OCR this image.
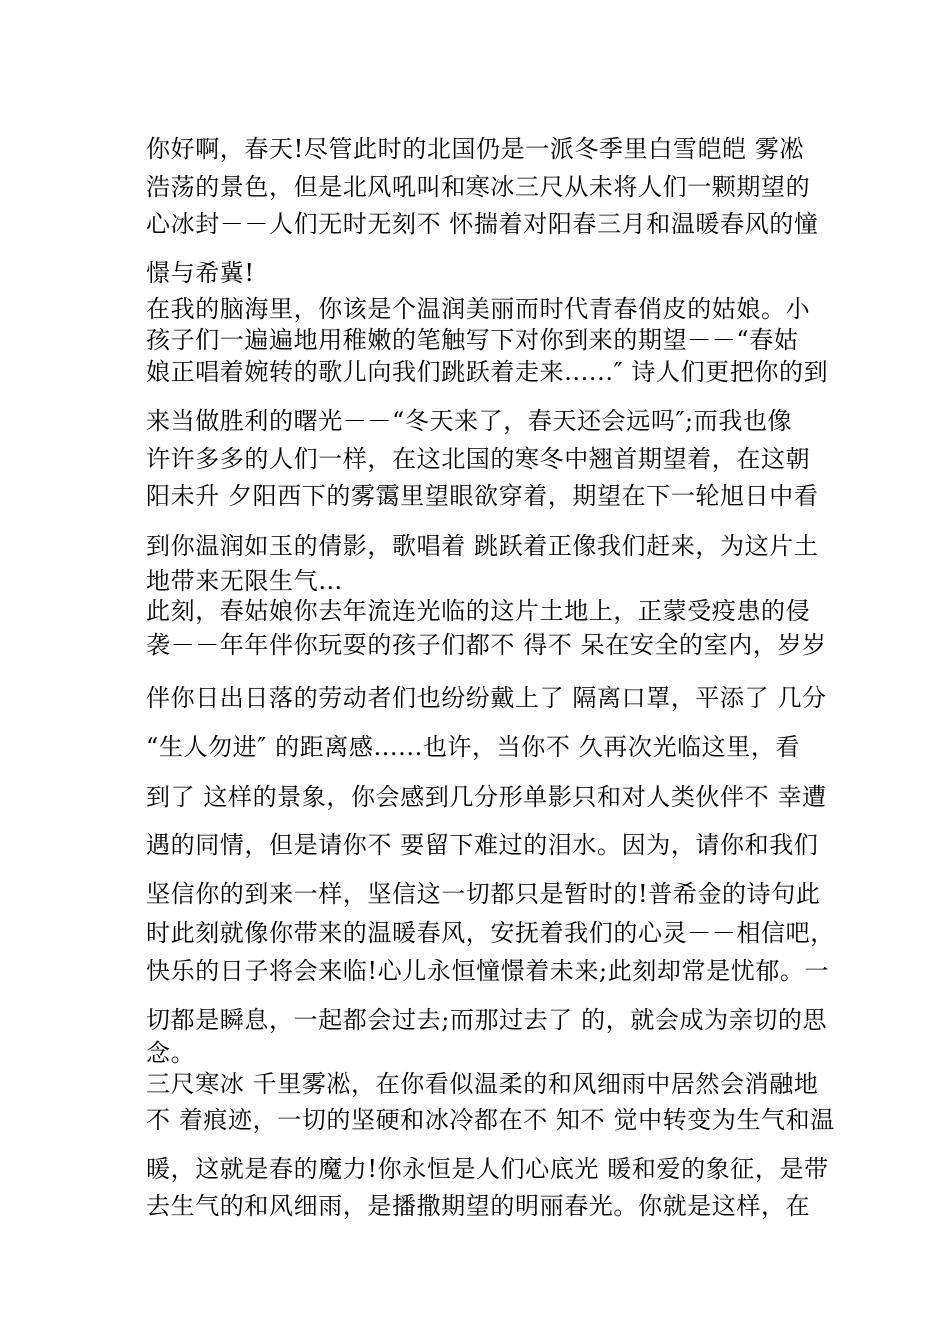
你好啊，春天!尽管此时的北国仍是一派冬季里白雪皑皑 雾凇
浩荡的景色，但是北风吼叫和寒冰三尺从未将人们一颗期望的
心冰封－－人们无时无刻不 怀揣着对阳春三月和温暖春风的憧
憬与希冀!
在我的脑海里，你该是个温润美丽而时代青春俏皮的姑娘。小
孩子们一遍遍地用稚嫩的笔触写下对你到来的期望－－“春姑
娘正唱着婉转的歌儿向我们跳跃着走来......″ 诗人们更把你的到
来当做胜利的曙光－－“冬天来了，春天还会远吗″;而我也像
许许多多的人们一样，在这北国的寒冬中翘首期望着，在这朝
阳未升 夕阳西下的雾霭里望眼欲穿着，期望在下一轮旭日中看
到你温润如玉的倩影，歌唱着 跳跃着正像我们赶来，为这片土
地带来无限生气…
此刻，春姑娘你去年流连光临的这片土地上，正蒙受疫患的侵
袭－－年年伴你玩耍的孩子们都不 得不 呆在安全的室内，岁岁
伴你日出日落的劳动者们也纷纷戴上了 隔离口罩，平添了 几分
“生人勿进″ 的距离感......也许，当你不 久再次光临这里，看
到了 这样的景象，你会感到几分形单影只和对人类伙伴不 幸遭
遇的同情，但是请你不 要留下难过的泪水。因为，请你和我们
坚信你的到来一样，坚信这一切都只是暂时的!普希金的诗句此
时此刻就像你带来的温暖春风，安抚着我们的心灵－－相信吧，
快乐的日子将会来临!心儿永恒憧憬着未来;此刻却常是忧郁。一
切都是瞬息，一起都会过去;而那过去了 的，就会成为亲切的思
念。
三尺寒冰 千里雾凇，在你看似温柔的和风细雨中居然会消融地
不 着痕迹，一切的坚硬和冰冷都在不 知不 觉中转变为生气和温
暖，这就是春的魔力!你永恒是人们心底光 暖和爱的象征，是带
去生气的和风细雨，是播撒期望的明丽春光。你就是这样，在
